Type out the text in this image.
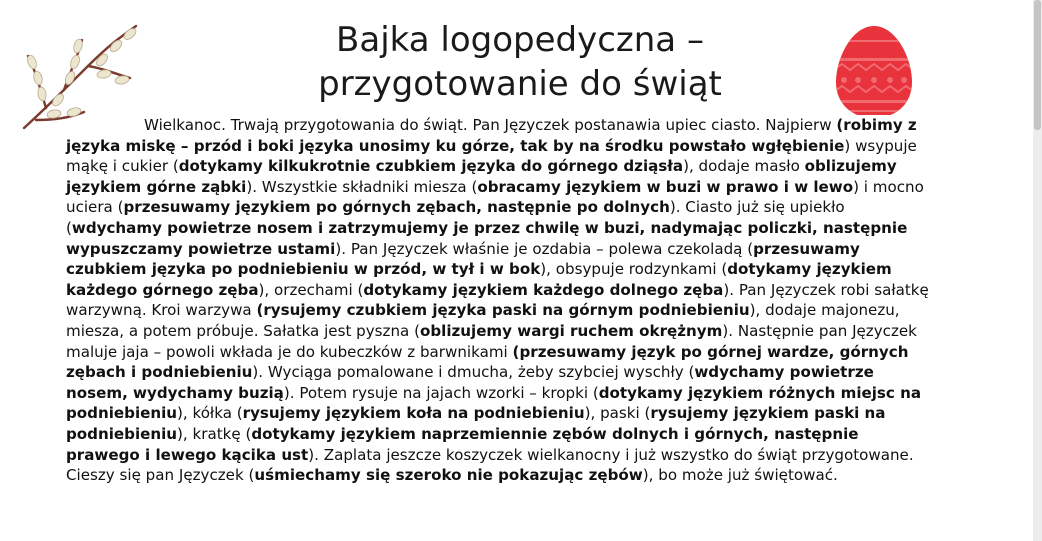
Bajka logopedyczna –
przygotowanie do świąt

Wielkanoc. Trwają przygotowania do świąt. Pan Języczek postanawia upiec ciasto. Najpierw (robimy z języka miskę – przód i boki języka unosimy ku górze, tak by na środku powstało wgłębienie) wsypuje mąkę i cukier (dotykamy kilkukrotnie czubkiem języka do górnego dziąsła), dodaje masło oblizujemy językiem górne ząbki). Wszystkie składniki miesza (obracamy językiem w buzi w prawo i w lewo) i mocno uciera (przesuwamy językiem po górnych zębach, następnie po dolnych). Ciasto już się upiekło (wdychamy powietrze nosem i zatrzymujemy je przez chwilę w buzi, nadymając policzki, następnie wypuszczamy powietrze ustami). Pan Języczek właśnie je ozdabia – polewa czekoladą (przesuwamy czubkiem języka po podniebieniu w przód, w tył i w bok), obsypuje rodzynkami (dotykamy językiem każdego górnego zęba), orzechami (dotykamy językiem każdego dolnego zęba). Pan Języczek robi sałatkę warzywną. Kroi warzywa (rysujemy czubkiem języka paski na górnym podniebieniu), dodaje majonezu, miesza, a potem próbuje. Sałatka jest pyszna (oblizujemy wargi ruchem okrężnym). Następnie pan Języczek maluje jaja – powoli wkłada je do kubeczków z barwnikami (przesuwamy język po górnej wardze, górnych zębach i podniebieniu). Wyciąga pomalowane i dmucha, żeby szybciej wyschły (wdychamy powietrze nosem, wydychamy buzią). Potem rysuje na jajach wzorki – kropki (dotykamy językiem różnych miejsc na podniebieniu), kółka (rysujemy językiem koła na podniebieniu), paski (rysujemy językiem paski na podniebieniu), kratkę (dotykamy językiem naprzemiennie zębów dolnych i górnych, następnie prawego i lewego kącika ust). Zaplata jeszcze koszyczek wielkanocny i już wszystko do świąt przygotowane. Cieszy się pan Języczek (uśmiechamy się szeroko nie pokazując zębów), bo może już świętować.
